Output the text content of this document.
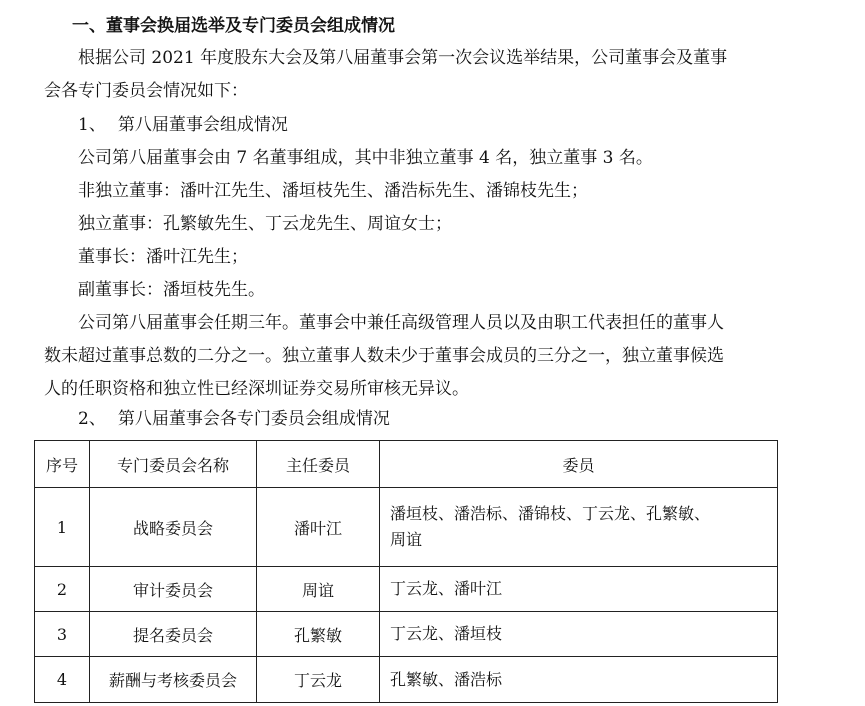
一、董事会换届选举及专门委员会组成情况
根据公司 2021 年度股东大会及第八届董事会第一次会议选举结果，公司董事会及董事
会各专门委员会情况如下：
1、 第八届董事会组成情况
公司第八届董事会由 7 名董事组成，其中非独立董事 4 名，独立董事 3 名。
非独立董事：潘叶江先生、潘垣枝先生、潘浩标先生、潘锦枝先生；
独立董事：孔繁敏先生、丁云龙先生、周谊女士；
董事长：潘叶江先生；
副董事长：潘垣枝先生。
公司第八届董事会任期三年。董事会中兼任高级管理人员以及由职工代表担任的董事人
数未超过董事总数的二分之一。独立董事人数未少于董事会成员的三分之一，独立董事候选
人的任职资格和独立性已经深圳证券交易所审核无异议。
2、 第八届董事会各专门委员会组成情况
序号	专门委员会名称	主任委员	委员
1	战略委员会	潘叶江	潘垣枝、潘浩标、潘锦枝、丁云龙、孔繁敏、
周谊

2	审计委员会	周谊	丁云龙、潘叶江
3	提名委员会	孔繁敏	丁云龙、潘垣枝
4	薪酬与考核委员会	丁云龙	孔繁敏、潘浩标
